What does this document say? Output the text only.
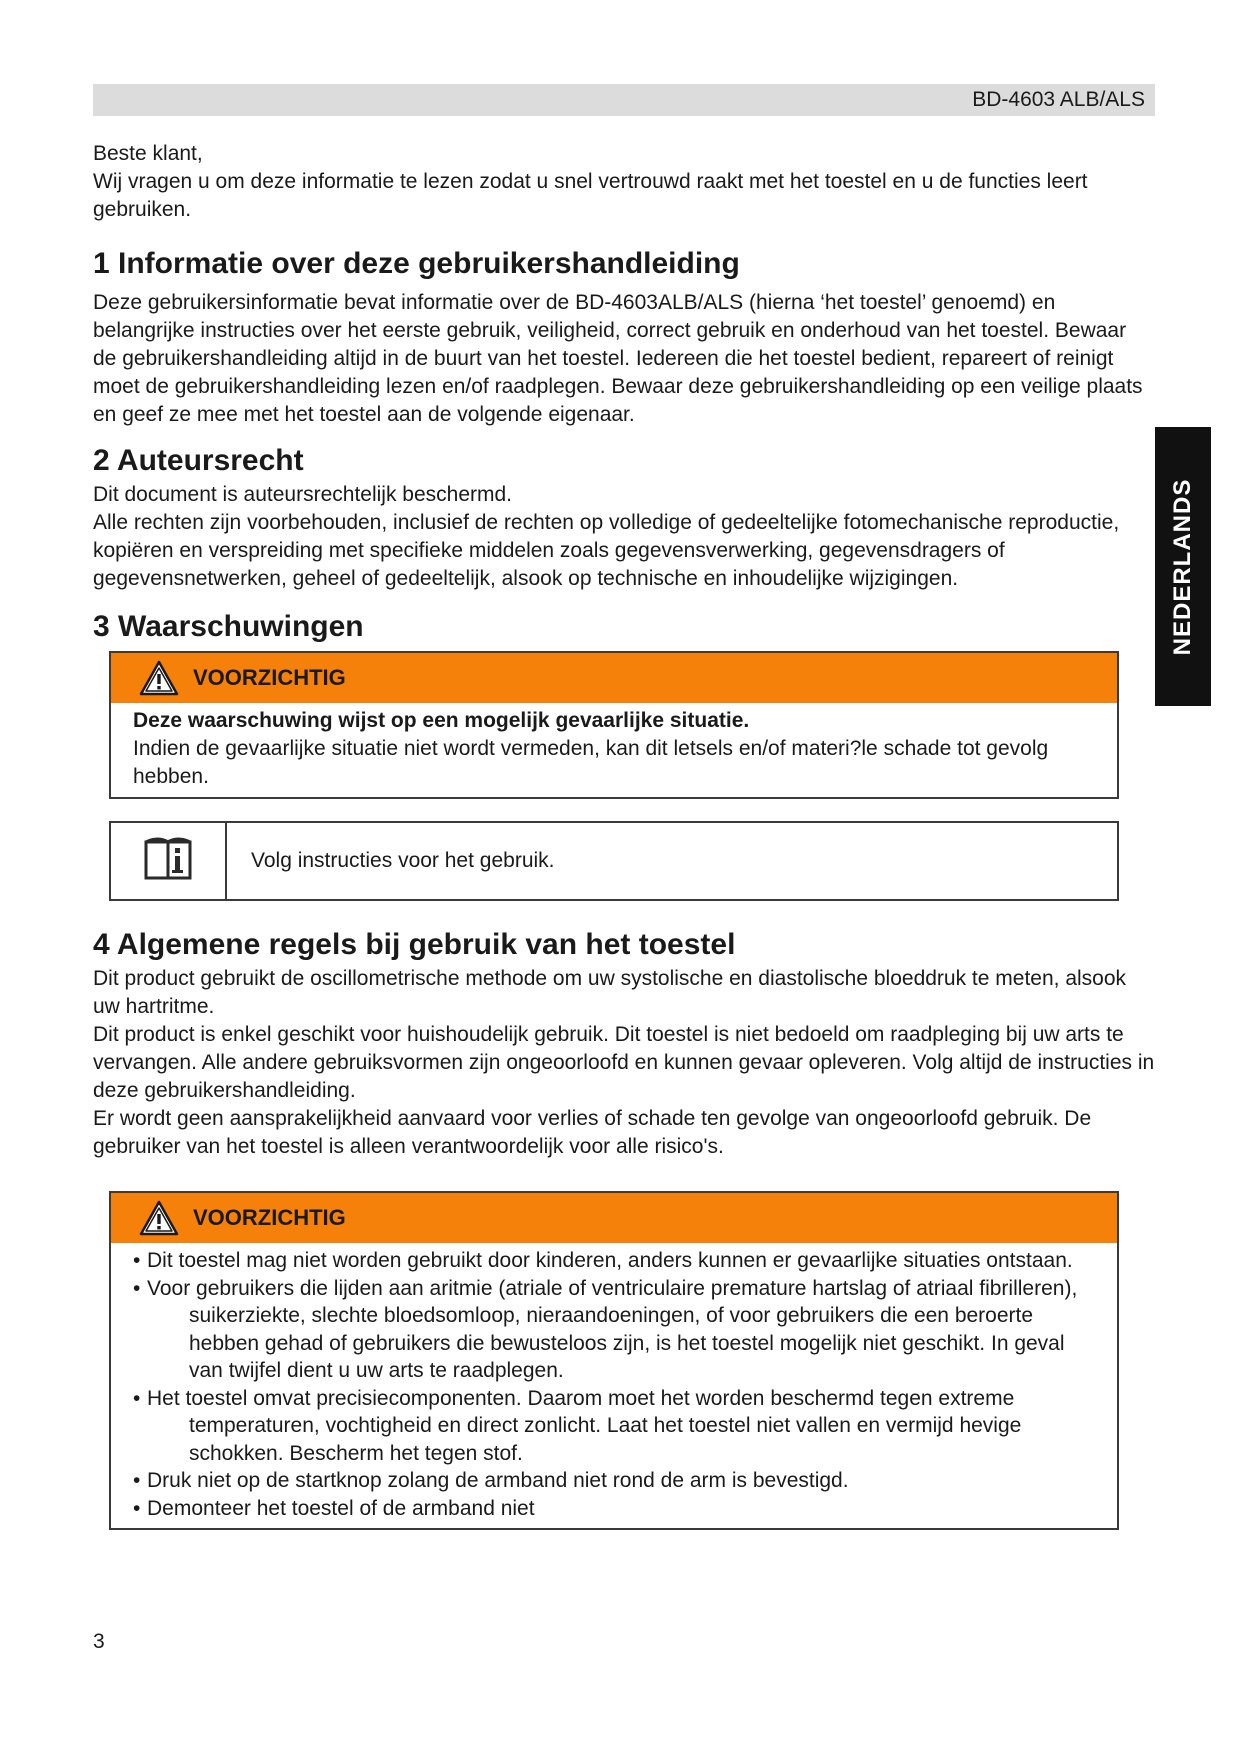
BD-4603 ALB/ALS
NEDERLANDS

Beste klant,

Wij vragen u om deze informatie te lezen zodat u snel vertrouwd raakt met het toestel en u de functies leert gebruiken.

1 Informatie over deze gebruikershandleiding

Deze gebruikersinformatie bevat informatie over de BD-4603ALB/ALS (hierna ‘het toestel’ genoemd) en belangrijke instructies over het eerste gebruik, veiligheid, correct gebruik en onderhoud van het toestel. Bewaar de gebruikershandleiding altijd in de buurt van het toestel. Iedereen die het toestel bedient, repareert of reinigt moet de gebruikershandleiding lezen en/of raadplegen. Bewaar deze gebruikershandleiding op een veilige plaats en geef ze mee met het toestel aan de volgende eigenaar.

2 Auteursrecht

Dit document is auteursrechtelijk beschermd.

Alle rechten zijn voorbehouden, inclusief de rechten op volledige of gedeeltelijke fotomechanische reproductie, kopiëren en verspreiding met specifieke middelen zoals gegevensverwerking, gegevensdragers of gegevensnetwerken, geheel of gedeeltelijk, alsook op technische en inhoudelijke wijzigingen.

3 Waarschuwingen
VOORZICHTIG

Deze waarschuwing wijst op een mogelijk gevaarlijke situatie.

Indien de gevaarlijke situatie niet wordt vermeden, kan dit letsels en/of materi?le schade tot gevolg hebben.

Volg instructies voor het gebruik.
4 Algemene regels bij gebruik van het toestel

Dit product gebruikt de oscillometrische methode om uw systolische en diastolische bloeddruk te meten, alsook uw hartritme.

Dit product is enkel geschikt voor huishoudelijk gebruik. Dit toestel is niet bedoeld om raadpleging bij uw arts te vervangen. Alle andere gebruiksvormen zijn ongeoorloofd en kunnen gevaar opleveren. Volg altijd de instructies in deze gebruikershandleiding.

Er wordt geen aansprakelijkheid aanvaard voor verlies of schade ten gevolge van ongeoorloofd gebruik. De gebruiker van het toestel is alleen verantwoordelijk voor alle risico's.

VOORZICHTIG
• Dit toestel mag niet worden gebruikt door kinderen, anders kunnen er gevaarlijke situaties ontstaan.
• Voor gebruikers die lijden aan aritmie (atriale of ventriculaire premature hartslag of atriaal fibrilleren), suikerziekte, slechte bloedsomloop, nieraandoeningen, of voor gebruikers die een beroerte hebben gehad of gebruikers die bewusteloos zijn, is het toestel mogelijk niet geschikt. In geval van twijfel dient u uw arts te raadplegen.
• Het toestel omvat precisiecomponenten. Daarom moet het worden beschermd tegen extreme temperaturen, vochtigheid en direct zonlicht. Laat het toestel niet vallen en vermijd hevige schokken. Bescherm het tegen stof.
• Druk niet op de startknop zolang de armband niet rond de arm is bevestigd.
• Demonteer het toestel of de armband niet
3
